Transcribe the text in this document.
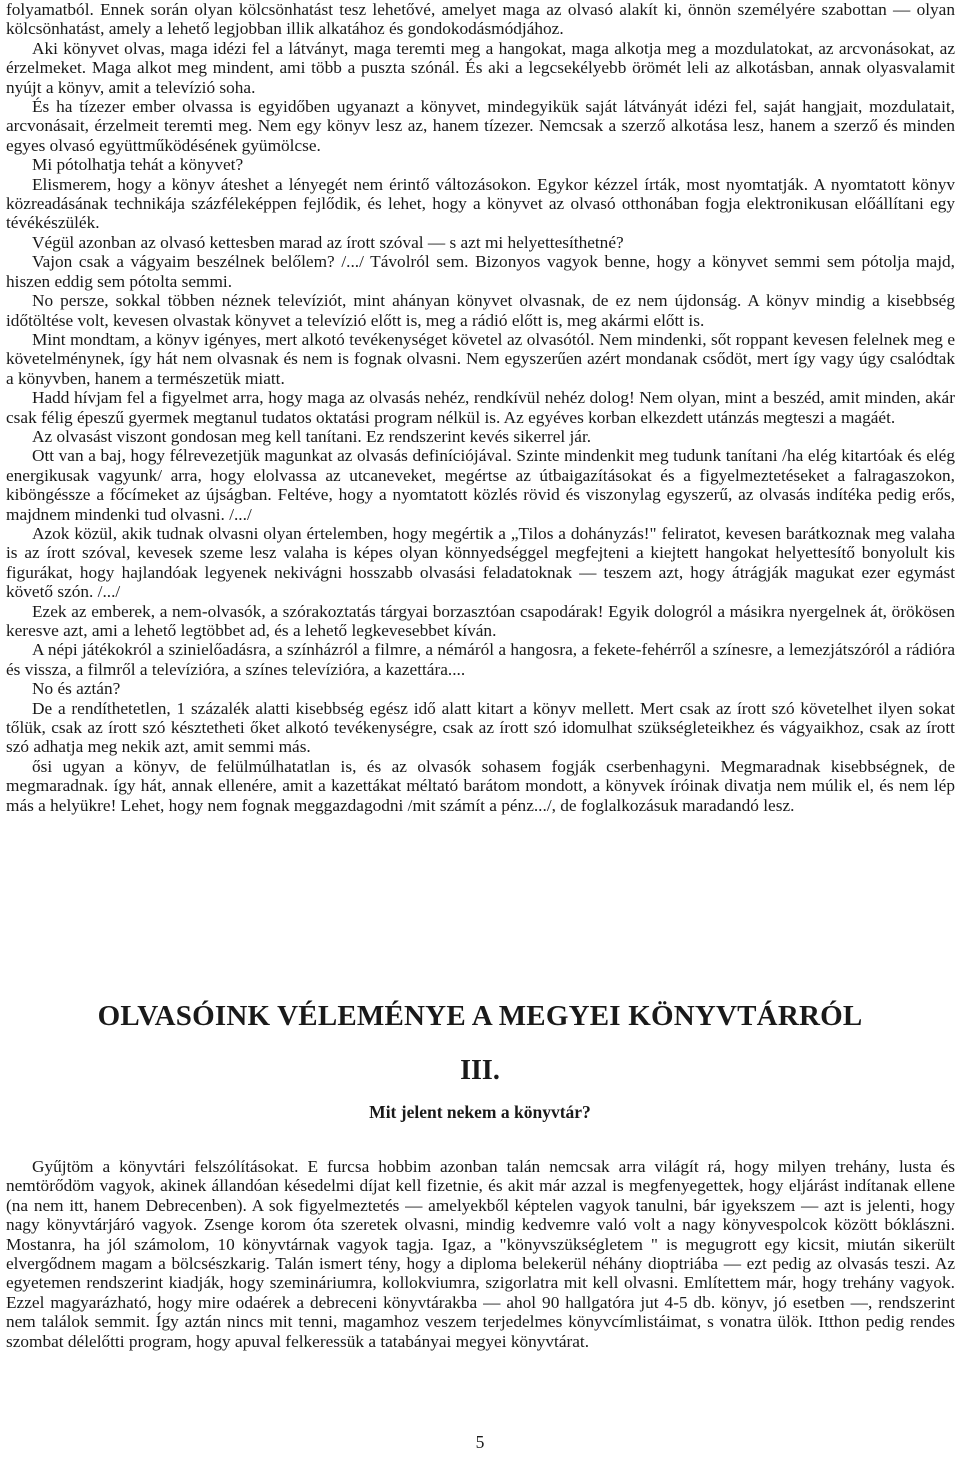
folyamatból. Ennek során olyan kölcsönhatást tesz lehetővé, amelyet maga az olvasó alakít ki, önnön személyére szabottan — olyan kölcsönhatást, amely a lehető legjobban illik alkatához és gondokodásmódjához.

Aki könyvet olvas, maga idézi fel a látványt, maga teremti meg a hangokat, maga alkotja meg a mozdulatokat, az arcvonásokat, az érzelmeket. Maga alkot meg mindent, ami több a puszta szónál. És aki a legcsekélyebb örömét leli az alkotásban, annak olyasvalamit nyújt a könyv, amit a televízió soha.

És ha tízezer ember olvassa is egyidőben ugyanazt a könyvet, mindegyikük saját látványát idézi fel, saját hangjait, mozdulatait, arcvonásait, érzelmeit teremti meg. Nem egy könyv lesz az, hanem tízezer. Nemcsak a szerző alkotása lesz, hanem a szerző és minden egyes olvasó együttműködésének gyümölcse.

Mi pótolhatja tehát a könyvet?

Elismerem, hogy a könyv áteshet a lényegét nem érintő változásokon. Egykor kézzel írták, most nyomtatják. A nyomtatott könyv közreadásának technikája százféleképpen fejlődik, és lehet, hogy a könyvet az olvasó otthonában fogja elektronikusan előállítani egy tévékészülék.

Végül azonban az olvasó kettesben marad az írott szóval — s azt mi helyettesíthetné?

Vajon csak a vágyaim beszélnek belőlem? /.../ Távolról sem. Bizonyos vagyok benne, hogy a könyvet semmi sem pótolja majd, hiszen eddig sem pótolta semmi.

No persze, sokkal többen néznek televíziót, mint ahányan könyvet olvasnak, de ez nem újdonság. A könyv mindig a kisebbség időtöltése volt, kevesen olvastak könyvet a televízió előtt is, meg a rádió előtt is, meg akármi előtt is.

Mint mondtam, a könyv igényes, mert alkotó tevékenységet követel az olvasótól. Nem mindenki, sőt roppant kevesen felelnek meg e követelménynek, így hát nem olvasnak és nem is fognak olvasni. Nem egyszerűen azért mondanak csődöt, mert így vagy úgy csalódtak a könyvben, hanem a természetük miatt.

Hadd hívjam fel a figyelmet arra, hogy maga az olvasás nehéz, rendkívül nehéz dolog! Nem olyan, mint a beszéd, amit minden, akár csak félig épeszű gyermek megtanul tudatos oktatási program nélkül is. Az egyéves korban elkezdett utánzás megteszi a magáét.

Az olvasást viszont gondosan meg kell tanítani. Ez rendszerint kevés sikerrel jár.

Ott van a baj, hogy félrevezetjük magunkat az olvasás definíciójával. Szinte mindenkit meg tudunk tanítani /ha elég kitartóak és elég energikusak vagyunk/ arra, hogy elolvassa az utcaneveket, megértse az útbaigazításokat és a figyelmeztetéseket a falragaszokon, kiböngéssze a főcímeket az újságban. Feltéve, hogy a nyomtatott közlés rövid és viszonylag egyszerű, az olvasás indítéka pedig erős, majdnem mindenki tud olvasni. /.../

Azok közül, akik tudnak olvasni olyan értelemben, hogy megértik a „Tilos a dohányzás!" feliratot, kevesen barátkoznak meg valaha is az írott szóval, kevesek szeme lesz valaha is képes olyan könnyedséggel megfejteni a kiejtett hangokat helyettesítő bonyolult kis figurákat, hogy hajlandóak legyenek nekivágni hosszabb olvasási feladatoknak — teszem azt, hogy átrágják magukat ezer egymást követő szón. /.../

Ezek az emberek, a nem-olvasók, a szórakoztatás tárgyai borzasztóan csapodárak! Egyik dologról a másikra nyergelnek át, örökösen keresve azt, ami a lehető legtöbbet ad, és a lehető legkevesebbet kíván.

A népi játékokról a szinielőadásra, a színházról a filmre, a némáról a hangosra, a fekete-fehérről a színesre, a lemezjátszóról a rádióra és vissza, a filmről a televízióra, a színes televízióra, a kazettára....

No és aztán?

De a rendíthetetlen, 1 százalék alatti kisebbség egész idő alatt kitart a könyv mellett. Mert csak az írott szó követelhet ilyen sokat tőlük, csak az írott szó késztetheti őket alkotó tevékenységre, csak az írott szó idomulhat szükségleteikhez és vágyaikhoz, csak az írott szó adhatja meg nekik azt, amit semmi más.

ősi ugyan a könyv, de felülmúlhatatlan is, és az olvasók sohasem fogják cserbenhagyni. Megmaradnak kisebbségnek, de megmaradnak. így hát, annak ellenére, amit a kazettákat méltató barátom mondott, a könyvek íróinak divatja nem múlik el, és nem lép más a helyükre! Lehet, hogy nem fognak meggazdagodni /mit számít a pénz.../, de foglalkozásuk maradandó lesz.

OLVASÓINK VÉLEMÉNYE A MEGYEI KÖNYVTÁRRÓL
III.
Mit jelent nekem a könyvtár?

Gyűjtöm a könyvtári felszólításokat. E furcsa hobbim azonban talán nemcsak arra világít rá, hogy milyen trehány, lusta és nemtörődöm vagyok, akinek állandóan késedelmi díjat kell fizetnie, és akit már azzal is megfenyegettek, hogy eljárást indítanak ellene (na nem itt, hanem Debrecenben). A sok figyelmeztetés — amelyekből képtelen vagyok tanulni, bár igyekszem — azt is jelenti, hogy nagy könyvtárjáró vagyok. Zsenge korom óta szeretek olvasni, mindig kedvemre való volt a nagy könyvespolcok között bóklászni. Mostanra, ha jól számolom, 10 könyvtárnak vagyok tagja. Igaz, a "könyvszükségletem " is megugrott egy kicsit, miután sikerült elvergődnem magam a bölcsészkarig. Talán ismert tény, hogy a diploma belekerül néhány dioptriába — ezt pedig az olvasás teszi. Az egyetemen rendszerint kiadják, hogy szemináriumra, kollokviumra, szigorlatra mit kell olvasni. Említettem már, hogy trehány vagyok. Ezzel magyarázható, hogy mire odaérek a debreceni könyvtárakba — ahol 90 hallgatóra jut 4-5 db. könyv, jó esetben —, rendszerint nem találok semmit. Így aztán nincs mit tenni, magamhoz veszem terjedelmes könyvcímlistáimat, s vonatra ülök. Itthon pedig rendes szombat délelőtti program, hogy apuval felkeressük a tatabányai megyei könyvtárat.

5
